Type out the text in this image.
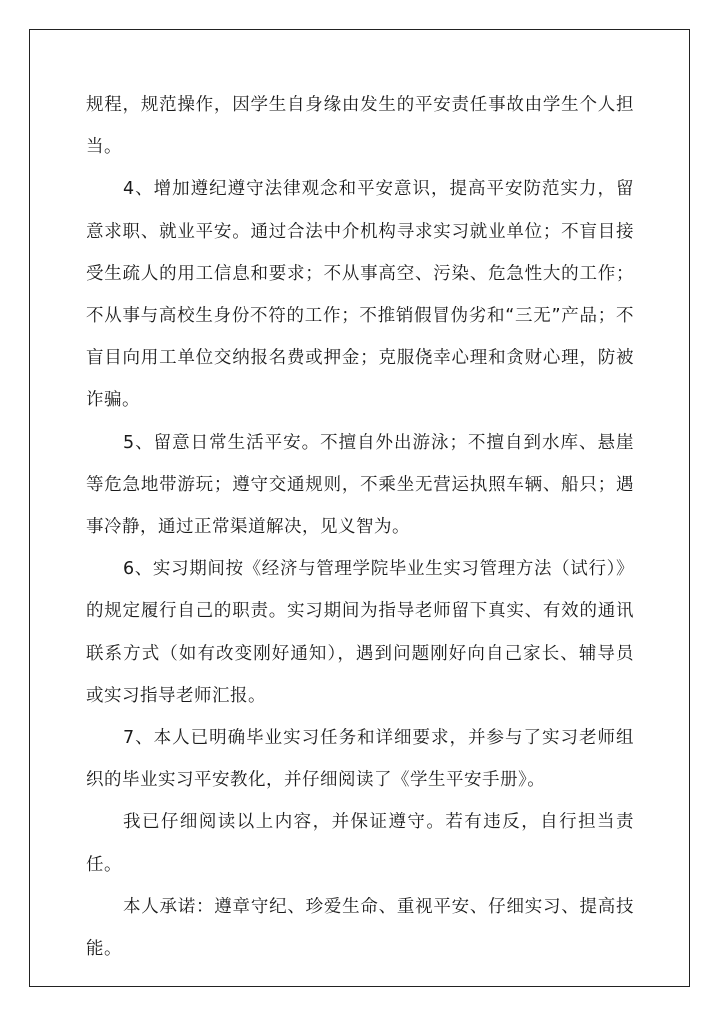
规程，规范操作，因学生自身缘由发生的平安责任事故由学生个人担当。

4、增加遵纪遵守法律观念和平安意识，提高平安防范实力，留意求职、就业平安。通过合法中介机构寻求实习就业单位；不盲目接受生疏人的用工信息和要求；不从事高空、污染、危急性大的工作；不从事与高校生身份不符的工作；不推销假冒伪劣和“三无”产品；不盲目向用工单位交纳报名费或押金；克服侥幸心理和贪财心理，防被诈骗。

5、留意日常生活平安。不擅自外出游泳；不擅自到水库、悬崖等危急地带游玩；遵守交通规则，不乘坐无营运执照车辆、船只；遇事冷静，通过正常渠道解决，见义智为。

6、实习期间按《经济与管理学院毕业生实习管理方法（试行）》的规定履行自己的职责。实习期间为指导老师留下真实、有效的通讯联系方式（如有改变刚好通知），遇到问题刚好向自己家长、辅导员或实习指导老师汇报。

7、本人已明确毕业实习任务和详细要求，并参与了实习老师组织的毕业实习平安教化，并仔细阅读了《学生平安手册》。

我已仔细阅读以上内容，并保证遵守。若有违反，自行担当责任。

本人承诺：遵章守纪、珍爱生命、重视平安、仔细实习、提高技能。
